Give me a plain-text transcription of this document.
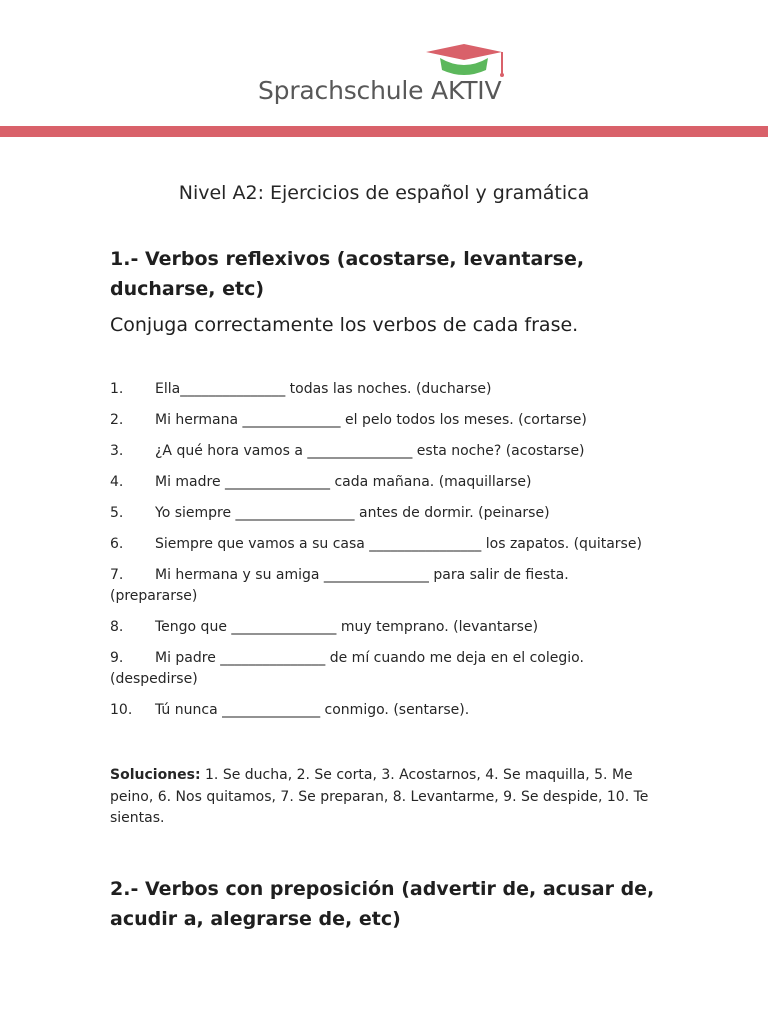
Sprachschule AKTIV
Nivel A2: Ejercicios de español y gramática
1.- Verbos reflexivos (acostarse, levantarse, ducharse, etc)
Conjuga correctamente los verbos de cada frase.
1.	Ella_______________ todas las noches. (ducharse)
2.	Mi hermana ______________ el pelo todos los meses. (cortarse)
3.	¿A qué hora vamos a _______________ esta noche? (acostarse)
4.	Mi madre _______________ cada mañana. (maquillarse)
5.	Yo siempre _________________ antes de dormir. (peinarse)
6.	Siempre que vamos a su casa ________________ los zapatos. (quitarse)
7.	Mi hermana y su amiga _______________ para salir de fiesta. (prepararse)
8.	Tengo que _______________ muy temprano. (levantarse)
9.	Mi padre _______________ de mí cuando me deja en el colegio. (despedirse)
10.	Tú nunca ______________ conmigo. (sentarse).
Soluciones: 1. Se ducha, 2. Se corta, 3. Acostarnos, 4. Se maquilla, 5. Me peino, 6. Nos quitamos, 7. Se preparan, 8. Levantarme, 9. Se despide, 10. Te sientas.
2.- Verbos con preposición (advertir de, acusar de, acudir a, alegrarse de, etc)
